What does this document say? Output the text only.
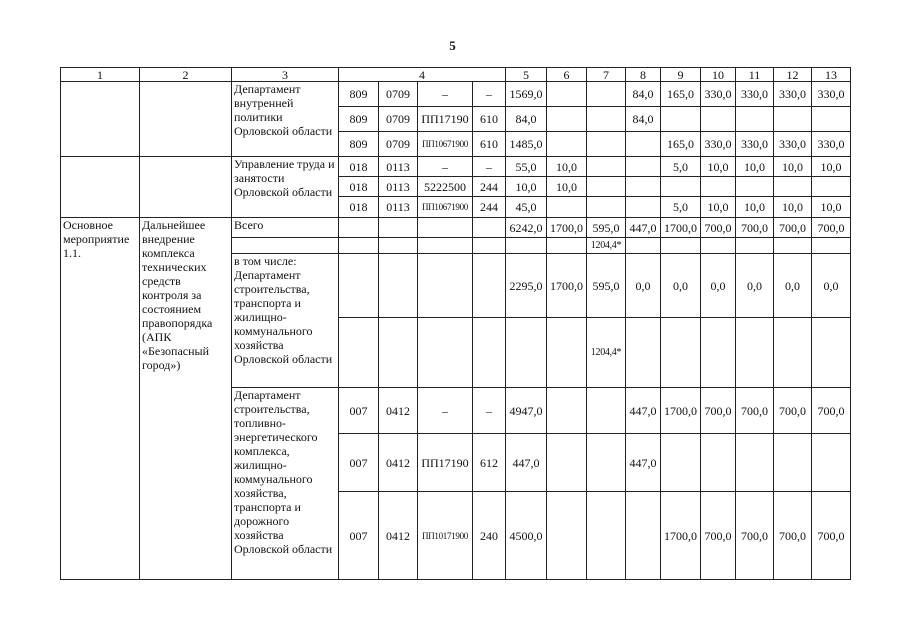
5
1	2	3	4				5	6	7	8	9	10	11	12	13
		Департамент внутренней политики Орловской области	809	0709	–	–	1569,0			84,0	165,0	330,0	330,0	330,0	330,0
			809	0709	ПП17190	610	84,0			84,0					
			809	0709	ПП10671900	610	1485,0				165,0	330,0	330,0	330,0	330,0
		Управление труда и занятости Орловской области	018	0113	–	–	55,0	10,0			5,0	10,0	10,0	10,0	10,0
			018	0113	5222500	244	10,0	10,0							
			018	0113	ПП10671900	244	45,0				5,0	10,0	10,0	10,0	10,0
Основное мероприятие 1.1.	Дальнейшее внедрение комплекса технических средств контроля за состоянием правопорядка (АПК «Безопасный город»)	Всего					6242,0	1700,0	595,0	447,0	1700,0	700,0	700,0	700,0	700,0
									1204,4*						
		в том числе: Департамент строительства, транспорта и жилищно-коммунального хозяйства Орловской области					2295,0	1700,0	595,0	0,0	0,0	0,0	0,0	0,0	0,0
									1204,4*						
		Департамент строительства, топливно-энергетического комплекса, жилищно-коммунального хозяйства, транспорта и дорожного хозяйства Орловской области	007	0412	–	–	4947,0			447,0	1700,0	700,0	700,0	700,0	700,0
			007	0412	ПП17190	612	447,0			447,0					
			007	0412	ПП10171900	240	4500,0				1700,0	700,0	700,0	700,0	700,0
